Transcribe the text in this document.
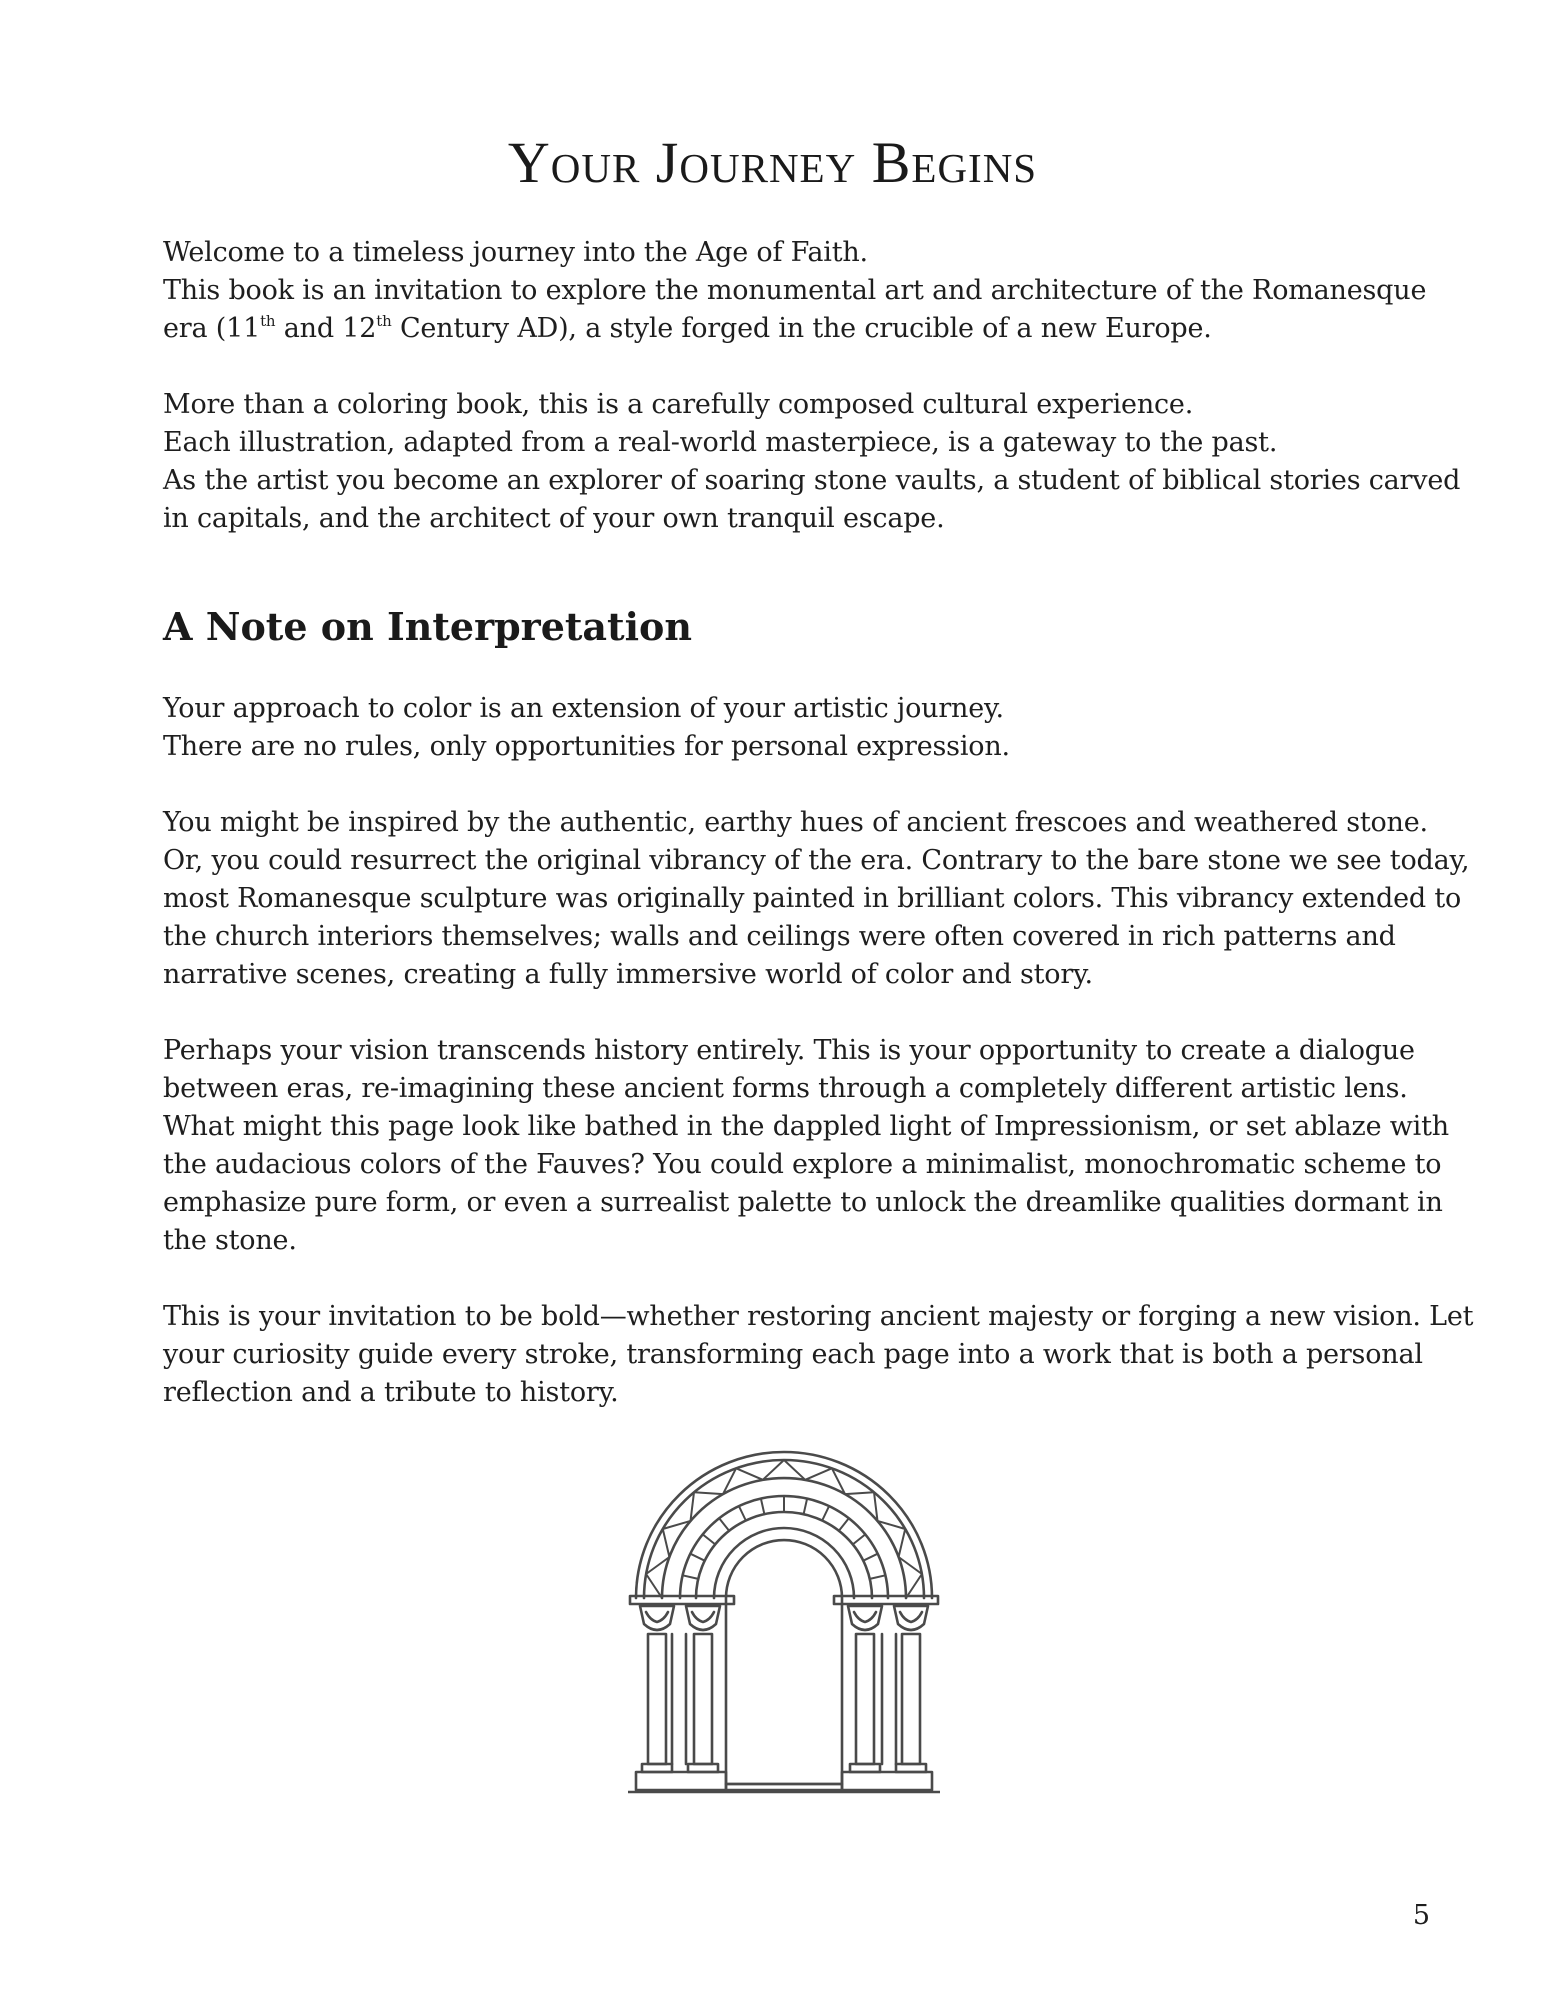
Your Journey Begins

Welcome to a timeless journey into the Age of Faith.
This book is an invitation to explore the monumental art and architecture of the Romanesque
era (11th and 12th Century AD), a style forged in the crucible of a new Europe.

More than a coloring book, this is a carefully composed cultural experience.
Each illustration, adapted from a real-world masterpiece, is a gateway to the past.
As the artist you become an explorer of soaring stone vaults, a student of biblical stories carved
in capitals, and the architect of your own tranquil escape.

A Note on Interpretation

Your approach to color is an extension of your artistic journey.
There are no rules, only opportunities for personal expression.

You might be inspired by the authentic, earthy hues of ancient frescoes and weathered stone.
Or, you could resurrect the original vibrancy of the era. Contrary to the bare stone we see today,
most Romanesque sculpture was originally painted in brilliant colors. This vibrancy extended to
the church interiors themselves; walls and ceilings were often covered in rich patterns and
narrative scenes, creating a fully immersive world of color and story.

Perhaps your vision transcends history entirely. This is your opportunity to create a dialogue
between eras, re-imagining these ancient forms through a completely different artistic lens.
What might this page look like bathed in the dappled light of Impressionism, or set ablaze with
the audacious colors of the Fauves? You could explore a minimalist, monochromatic scheme to
emphasize pure form, or even a surrealist palette to unlock the dreamlike qualities dormant in
the stone.

This is your invitation to be bold—whether restoring ancient majesty or forging a new vision. Let
your curiosity guide every stroke, transforming each page into a work that is both a personal
reflection and a tribute to history.

5
